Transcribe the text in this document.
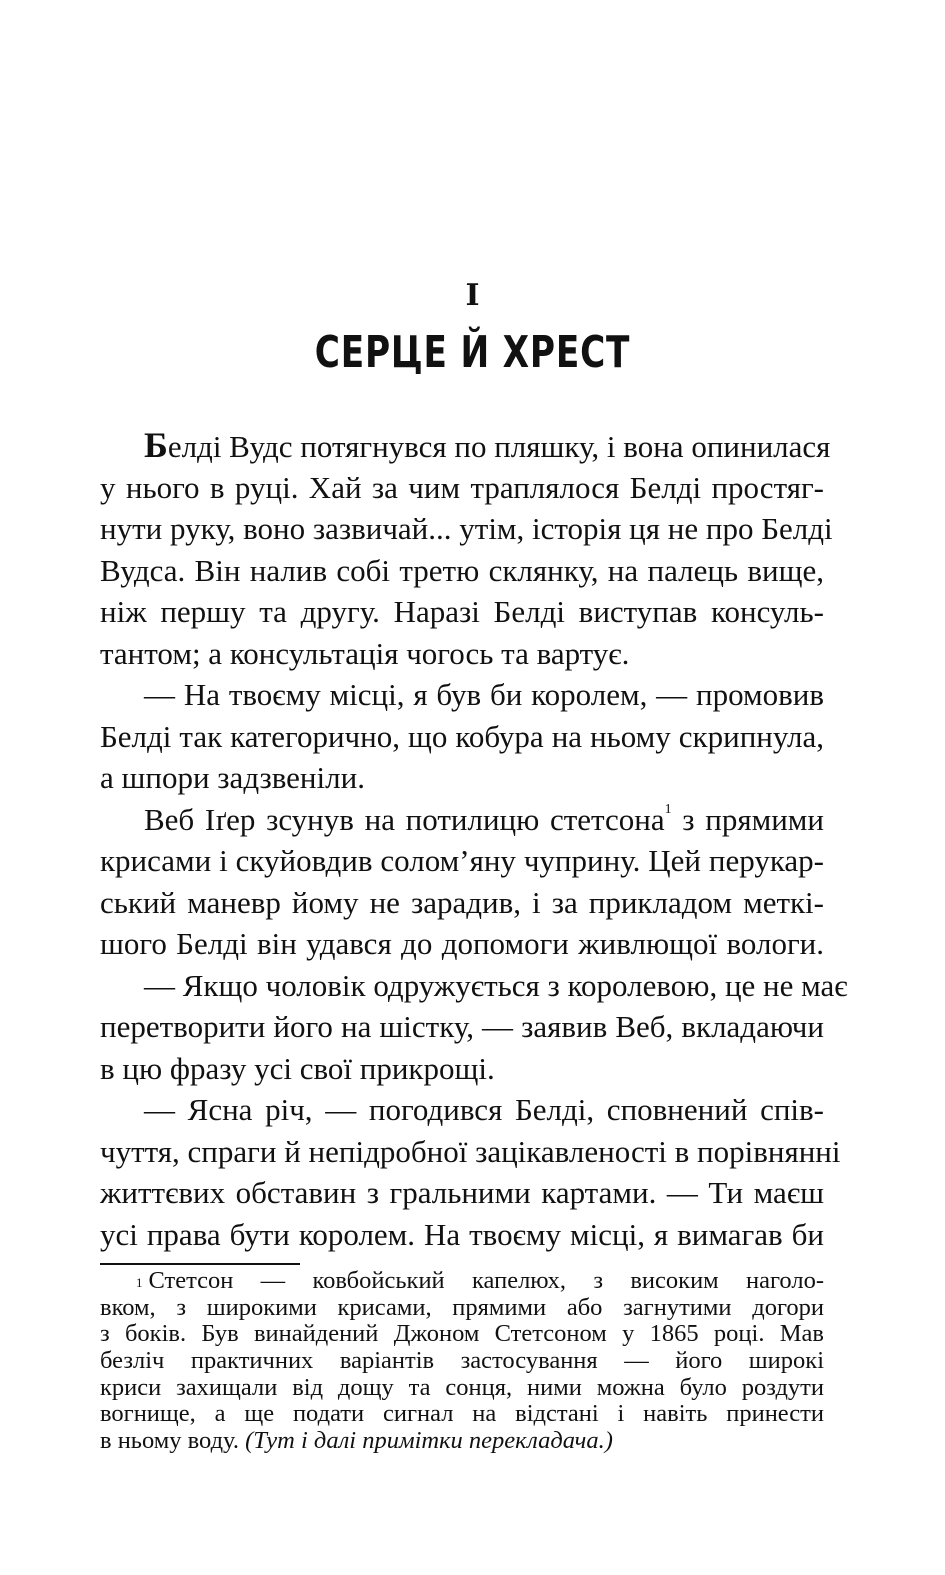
I
СЕРЦЕ Й ХРЕСТ
Белді Вудс потягнувся по пляшку, і вона опинилася
у нього в руці. Хай за чим траплялося Белді простяг-
нути руку, воно зазвичай... утім, історія ця не про Белді
Вудса. Він налив собі третю склянку, на палець вище,
ніж першу та другу. Наразі Белді виступав консуль-
тантом; а консультація чогось та вартує.
— На твоєму місці, я був би королем, — промовив
Белді так категорично, що кобура на ньому скрипнула,
а шпори задзвеніли.
Веб Іґер зсунув на потилицю стетсона$^1$ з прямими
крисами і скуйовдив солом’яну чуприну. Цей перукар-
ський маневр йому не зарадив, і за прикладом меткі-
шого Белді він удався до допомоги живлющої вологи.
— Якщо чоловік одружується з королевою, це не має
перетворити його на шістку, — заявив Веб, вкладаючи
в цю фразу усі свої прикрощі.
— Ясна річ, — погодився Белді, сповнений спів-
чуття, спраги й непідробної зацікавленості в порівнянні
життєвих обставин з гральними картами. — Ти маєш
усі права бути королем. На твоєму місці, я вимагав би
$^1$ Стетсон — ковбойський капелюх, з високим наголо-
вком, з широкими крисами, прямими або загнутими догори
з боків. Був винайдений Джоном Стетсоном у 1865 році. Мав
безліч практичних варіантів застосування — його широкі
криси захищали від дощу та сонця, ними можна було роздути
вогнище, а ще подати сигнал на відстані і навіть принести
в ньому воду. (Тут і далі примітки перекладача.)
